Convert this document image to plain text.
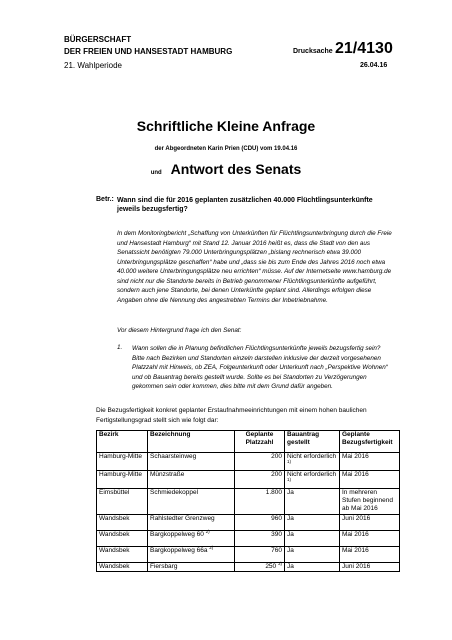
BÜRGERSCHAFT
DER FREIEN UND HANSESTADT HAMBURG
21. Wahlperiode
Drucksache 21/4130
26.04.16
Schriftliche Kleine Anfrage
der Abgeordneten Karin Prien (CDU) vom 19.04.16
und Antwort des Senats
Betr.: Wann sind die für 2016 geplanten zusätzlichen 40.000 Flüchtlingsunterkünfte jeweils bezugsfertig?
In dem Monitoringbericht „Schaffung von Unterkünften für Flüchtlingsunterbringung durch die Freie und Hansestadt Hamburg“ mit Stand 12. Januar 2016 heißt es, dass die Stadt von den aus Senatssicht benötigten 79.000 Unterbringungsplätzen „bislang rechnerisch etwa 39.000 Unterbringungsplätze geschaffen“ habe und „dass sie bis zum Ende des Jahres 2016 noch etwa 40.000 weitere Unterbringungsplätze neu errichten“ müsse. Auf der Internetseite www.hamburg.de sind nicht nur die Standorte bereits in Betrieb genommener Flüchtlingsunterkünfte aufgeführt, sondern auch jene Standorte, bei denen Unterkünfte geplant sind. Allerdings erfolgen diese Angaben ohne die Nennung des angestrebten Termins der Inbetriebnahme.
Vor diesem Hintergrund frage ich den Senat:
1. Wann sollen die in Planung befindlichen Flüchtlingsunterkünfte jeweils bezugsfertig sein? Bitte nach Bezirken und Standorten einzeln darstellen inklusive der derzeit vorgesehenen Platzzahl mit Hinweis, ob ZEA, Folgeunterkunft oder Unterkunft nach „Perspektive Wohnen“ und ob Bauantrag bereits gestellt wurde. Sollte es bei Standorten zu Verzögerungen gekommen sein oder kommen, dies bitte mit dem Grund dafür angeben.
Die Bezugsfertigkeit konkret geplanter Erstaufnahmeeinrichtungen mit einem hohen baulichen Fertigstellungsgrad stellt sich wie folgt dar:
Bezirk	Bezeichnung	Geplante Platzzahl	Bauantrag gestellt	Geplante Bezugsfertigkeit
Hamburg-Mitte	Schaarsteinweg	200	Nicht erforderlich $^{1)}$	Mai 2016
Hamburg-Mitte	Münzstraße	200	Nicht erforderlich $^{1)}$	Mai 2016
Eimsbüttel	Schmiedekoppel	1.800	Ja	In mehreren Stufen beginnend ab Mai 2016
Wandsbek	Rahlstedter Grenzweg	960	Ja	Juni 2016
Wandsbek	Bargkoppelweg 60 $^{2)}$	390	Ja	Mai 2016
Wandsbek	Bargkoppelweg 66a $^{2)}$	760	Ja	Mai 2016
Wandsbek	Fiersbarg	250 $^{3)}$	Ja	Juni 2016
